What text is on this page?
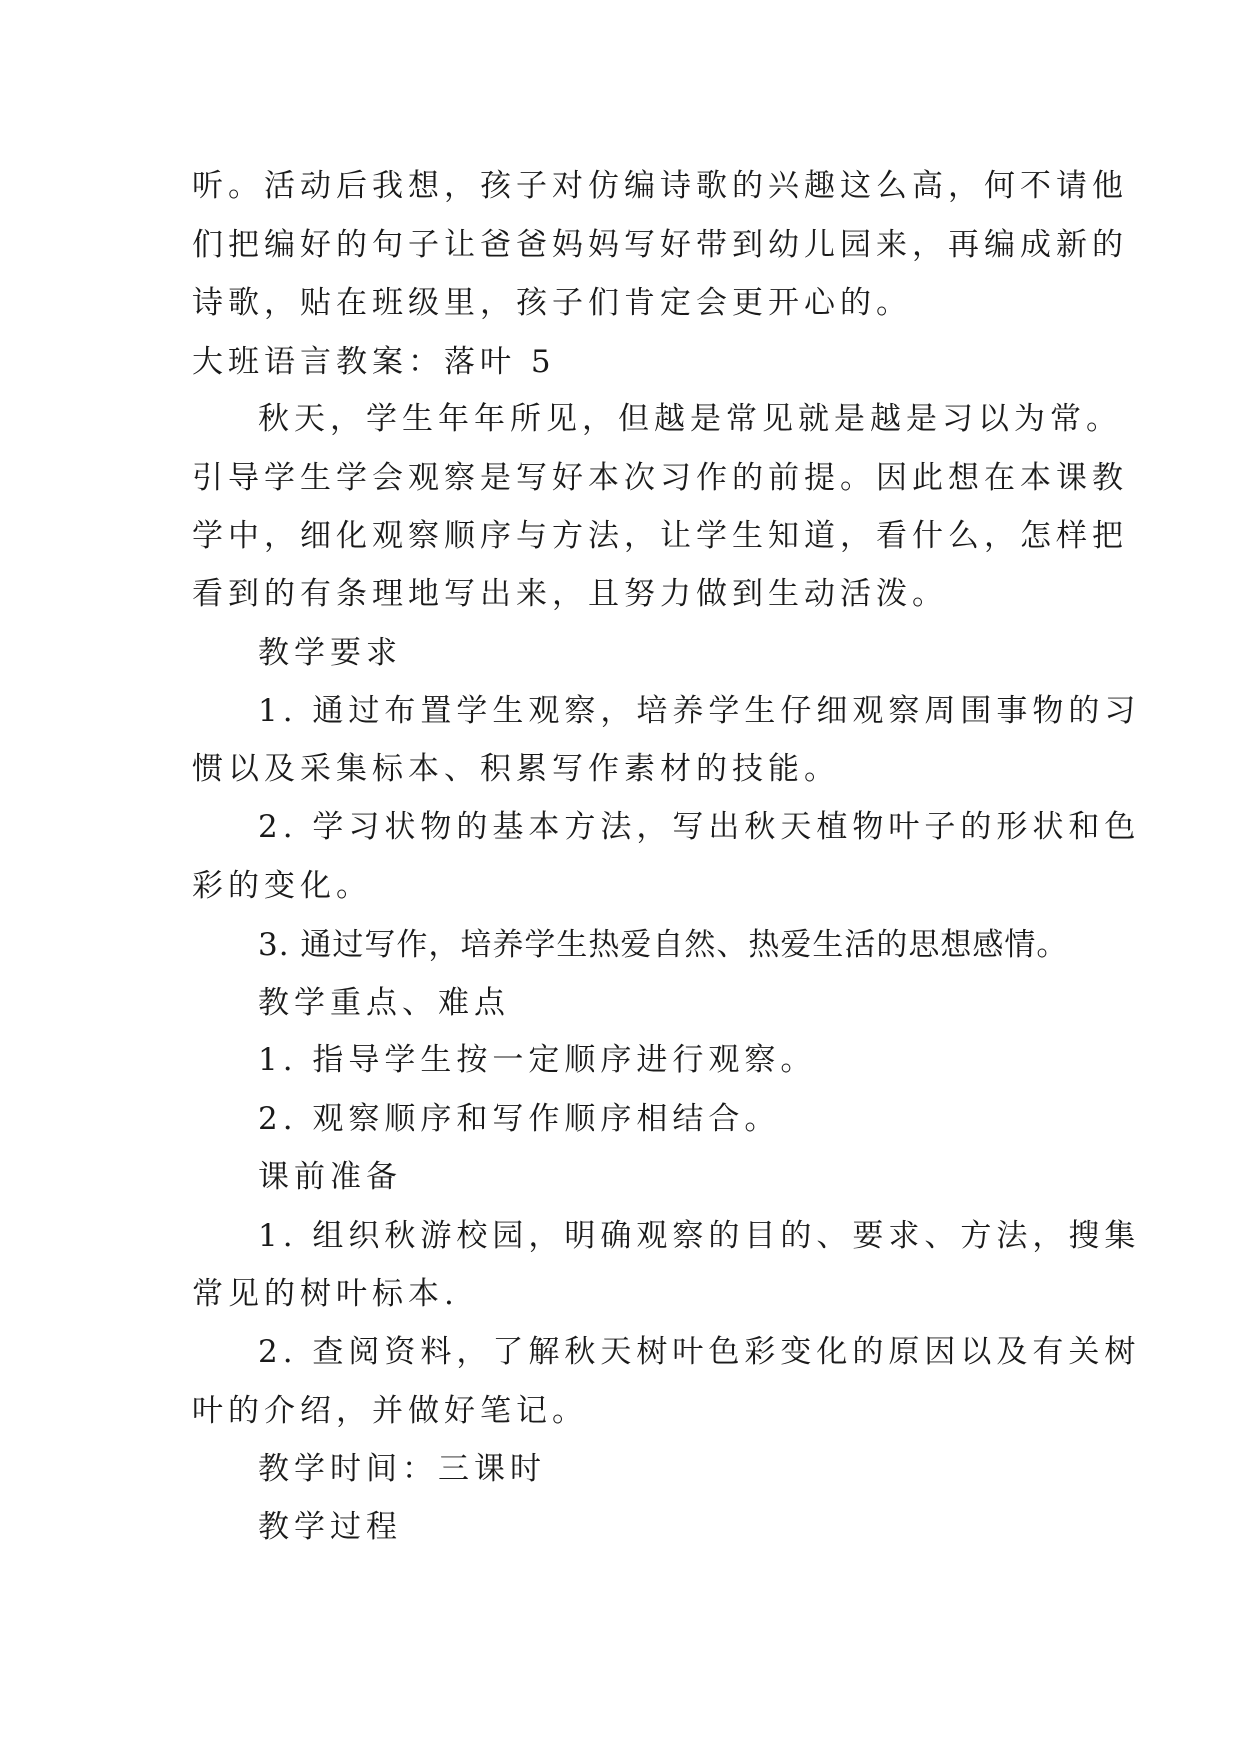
听。活动后我想，孩子对仿编诗歌的兴趣这么高，何不请他
们把编好的句子让爸爸妈妈写好带到幼儿园来，再编成新的
诗歌，贴在班级里，孩子们肯定会更开心的。
大班语言教案：落叶 5
秋天，学生年年所见，但越是常见就是越是习以为常。
引导学生学会观察是写好本次习作的前提。因此想在本课教
学中，细化观察顺序与方法，让学生知道，看什么，怎样把
看到的有条理地写出来，且努力做到生动活泼。
教学要求
1. 通过布置学生观察，培养学生仔细观察周围事物的习
惯以及采集标本、积累写作素材的技能。
2. 学习状物的基本方法，写出秋天植物叶子的形状和色
彩的变化。
3. 通过写作，培养学生热爱自然、热爱生活的思想感情。
教学重点、难点
1. 指导学生按一定顺序进行观察。
2. 观察顺序和写作顺序相结合。
课前准备
1. 组织秋游校园，明确观察的目的、要求、方法，搜集
常见的树叶标本.
2. 查阅资料，了解秋天树叶色彩变化的原因以及有关树
叶的介绍，并做好笔记。
教学时间：三课时
教学过程
